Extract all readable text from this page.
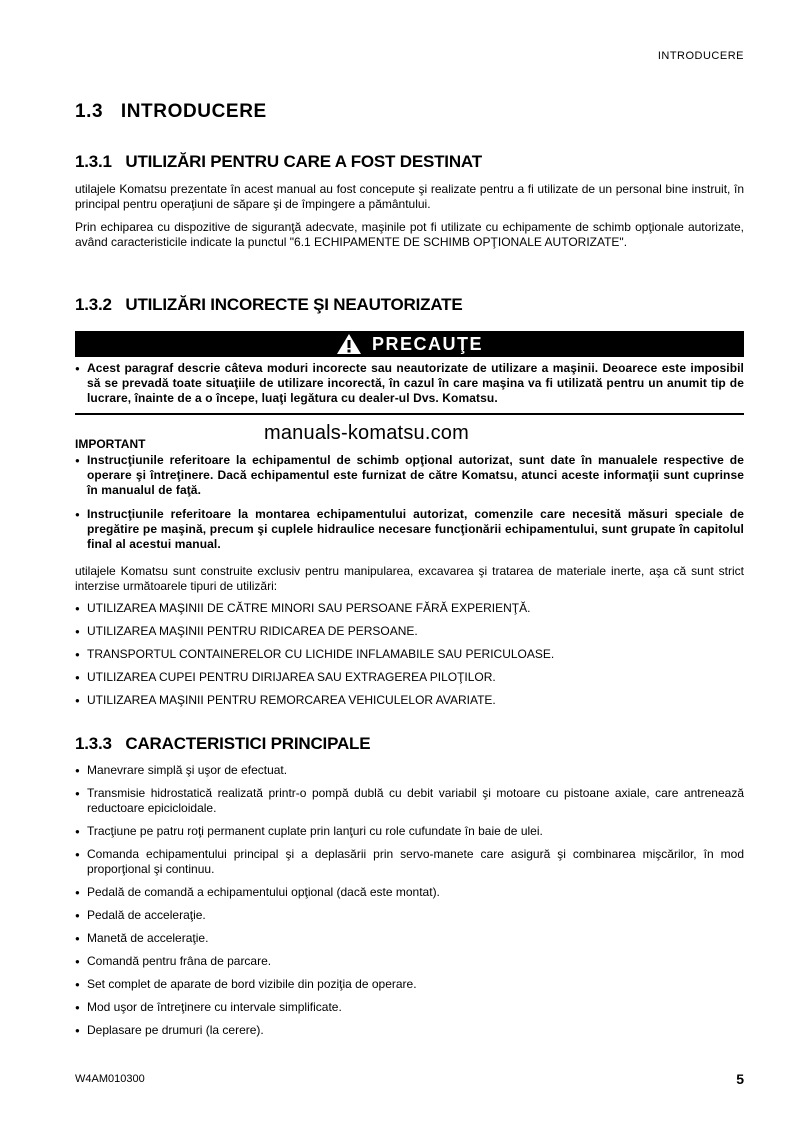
INTRODUCERE
1.3 INTRODUCERE
1.3.1 UTILIZĂRI PENTRU CARE A FOST DESTINAT

utilajele Komatsu prezentate în acest manual au fost concepute şi realizate pentru a fi utilizate de un personal bine instruit, în principal pentru operaţiuni de săpare şi de împingere a pământului.

Prin echiparea cu dispozitive de siguranţă adecvate, maşinile pot fi utilizate cu echipamente de schimb opţionale autorizate, având caracteristicile indicate la punctul "6.1 ECHIPAMENTE DE SCHIMB OPŢIONALE AUTORIZATE".

1.3.2 UTILIZĂRI INCORECTE ŞI NEAUTORIZATE
PRECAUŢE
● Acest paragraf descrie câteva moduri incorecte sau neautorizate de utilizare a maşinii. Deoarece este imposibil să se prevadă toate situaţiile de utilizare incorectă, în cazul în care maşina va fi utilizată pentru un anumit tip de lucrare, înainte de a o începe, luaţi legătura cu dealer-ul Dvs. Komatsu.
manuals-komatsu.com
IMPORTANT
● Instrucţiunile referitoare la echipamentul de schimb opţional autorizat, sunt date în manualele respective de operare şi întreţinere. Dacă echipamentul este furnizat de către Komatsu, atunci aceste informaţii sunt cuprinse în manualul de faţă.
● Instrucţiunile referitoare la montarea echipamentului autorizat, comenzile care necesită măsuri speciale de pregătire pe maşină, precum şi cuplele hidraulice necesare funcţionării echipamentului, sunt grupate în capitolul final al acestui manual.

utilajele Komatsu sunt construite exclusiv pentru manipularea, excavarea şi tratarea de materiale inerte, aşa că sunt strict interzise următoarele tipuri de utilizări:

● UTILIZAREA MAŞINII DE CĂTRE MINORI SAU PERSOANE FĂRĂ EXPERIENŢĂ.
● UTILIZAREA MAŞINII PENTRU RIDICAREA DE PERSOANE.
● TRANSPORTUL CONTAINERELOR CU LICHIDE INFLAMABILE SAU PERICULOASE.
● UTILIZAREA CUPEI PENTRU DIRIJAREA SAU EXTRAGEREA PILOŢILOR.
● UTILIZAREA MAŞINII PENTRU REMORCAREA VEHICULELOR AVARIATE.
1.3.3 CARACTERISTICI PRINCIPALE
● Manevrare simplă şi uşor de efectuat.
● Transmisie hidrostatică realizată printr-o pompă dublă cu debit variabil şi motoare cu pistoane axiale, care antrenează reductoare epicicloidale.
● Tracţiune pe patru roţi permanent cuplate prin lanţuri cu role cufundate în baie de ulei.
● Comanda echipamentului principal şi a deplasării prin servo-manete care asigură şi combinarea mişcărilor, în mod proporţional şi continuu.
● Pedală de comandă a echipamentului opţional (dacă este montat).
● Pedală de acceleraţie.
● Manetă de acceleraţie.
● Comandă pentru frâna de parcare.
● Set complet de aparate de bord vizibile din poziţia de operare.
● Mod uşor de întreţinere cu intervale simplificate.
● Deplasare pe drumuri (la cerere).
W4AM010300	5
